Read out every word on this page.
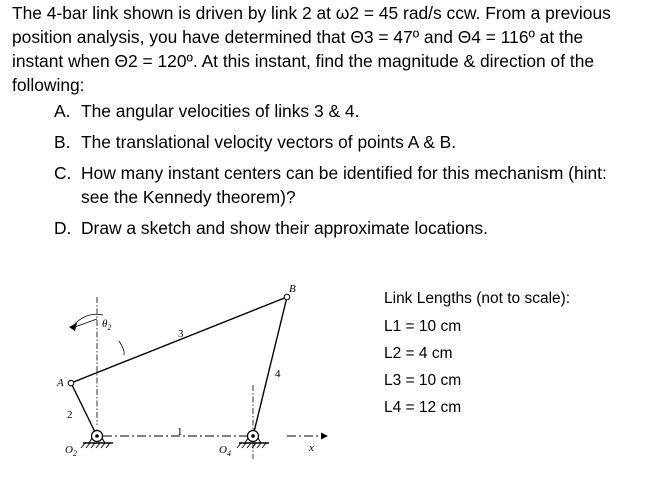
The 4-bar link shown is driven by link 2 at ω2 = 45 rad/s ccw. From a previous
position analysis, you have determined that Θ3 = 47º and Θ4 = 116º at the
instant when Θ2 = 120º. At this instant, find the magnitude & direction of the
following:
A. The angular velocities of links 3 & 4.
B. The translational velocity vectors of points A & B.
C. How many instant centers can be identified for this mechanism (hint:
see the Kennedy theorem)?
D. Draw a sketch and show their approximate locations.
A
B
1
2
3
4
$\theta_2$
$O_2$	$O_4$	x
Link Lengths (not to scale):
L1 = 10 cm
L2 = 4 cm
L3 = 10 cm
L4 = 12 cm
